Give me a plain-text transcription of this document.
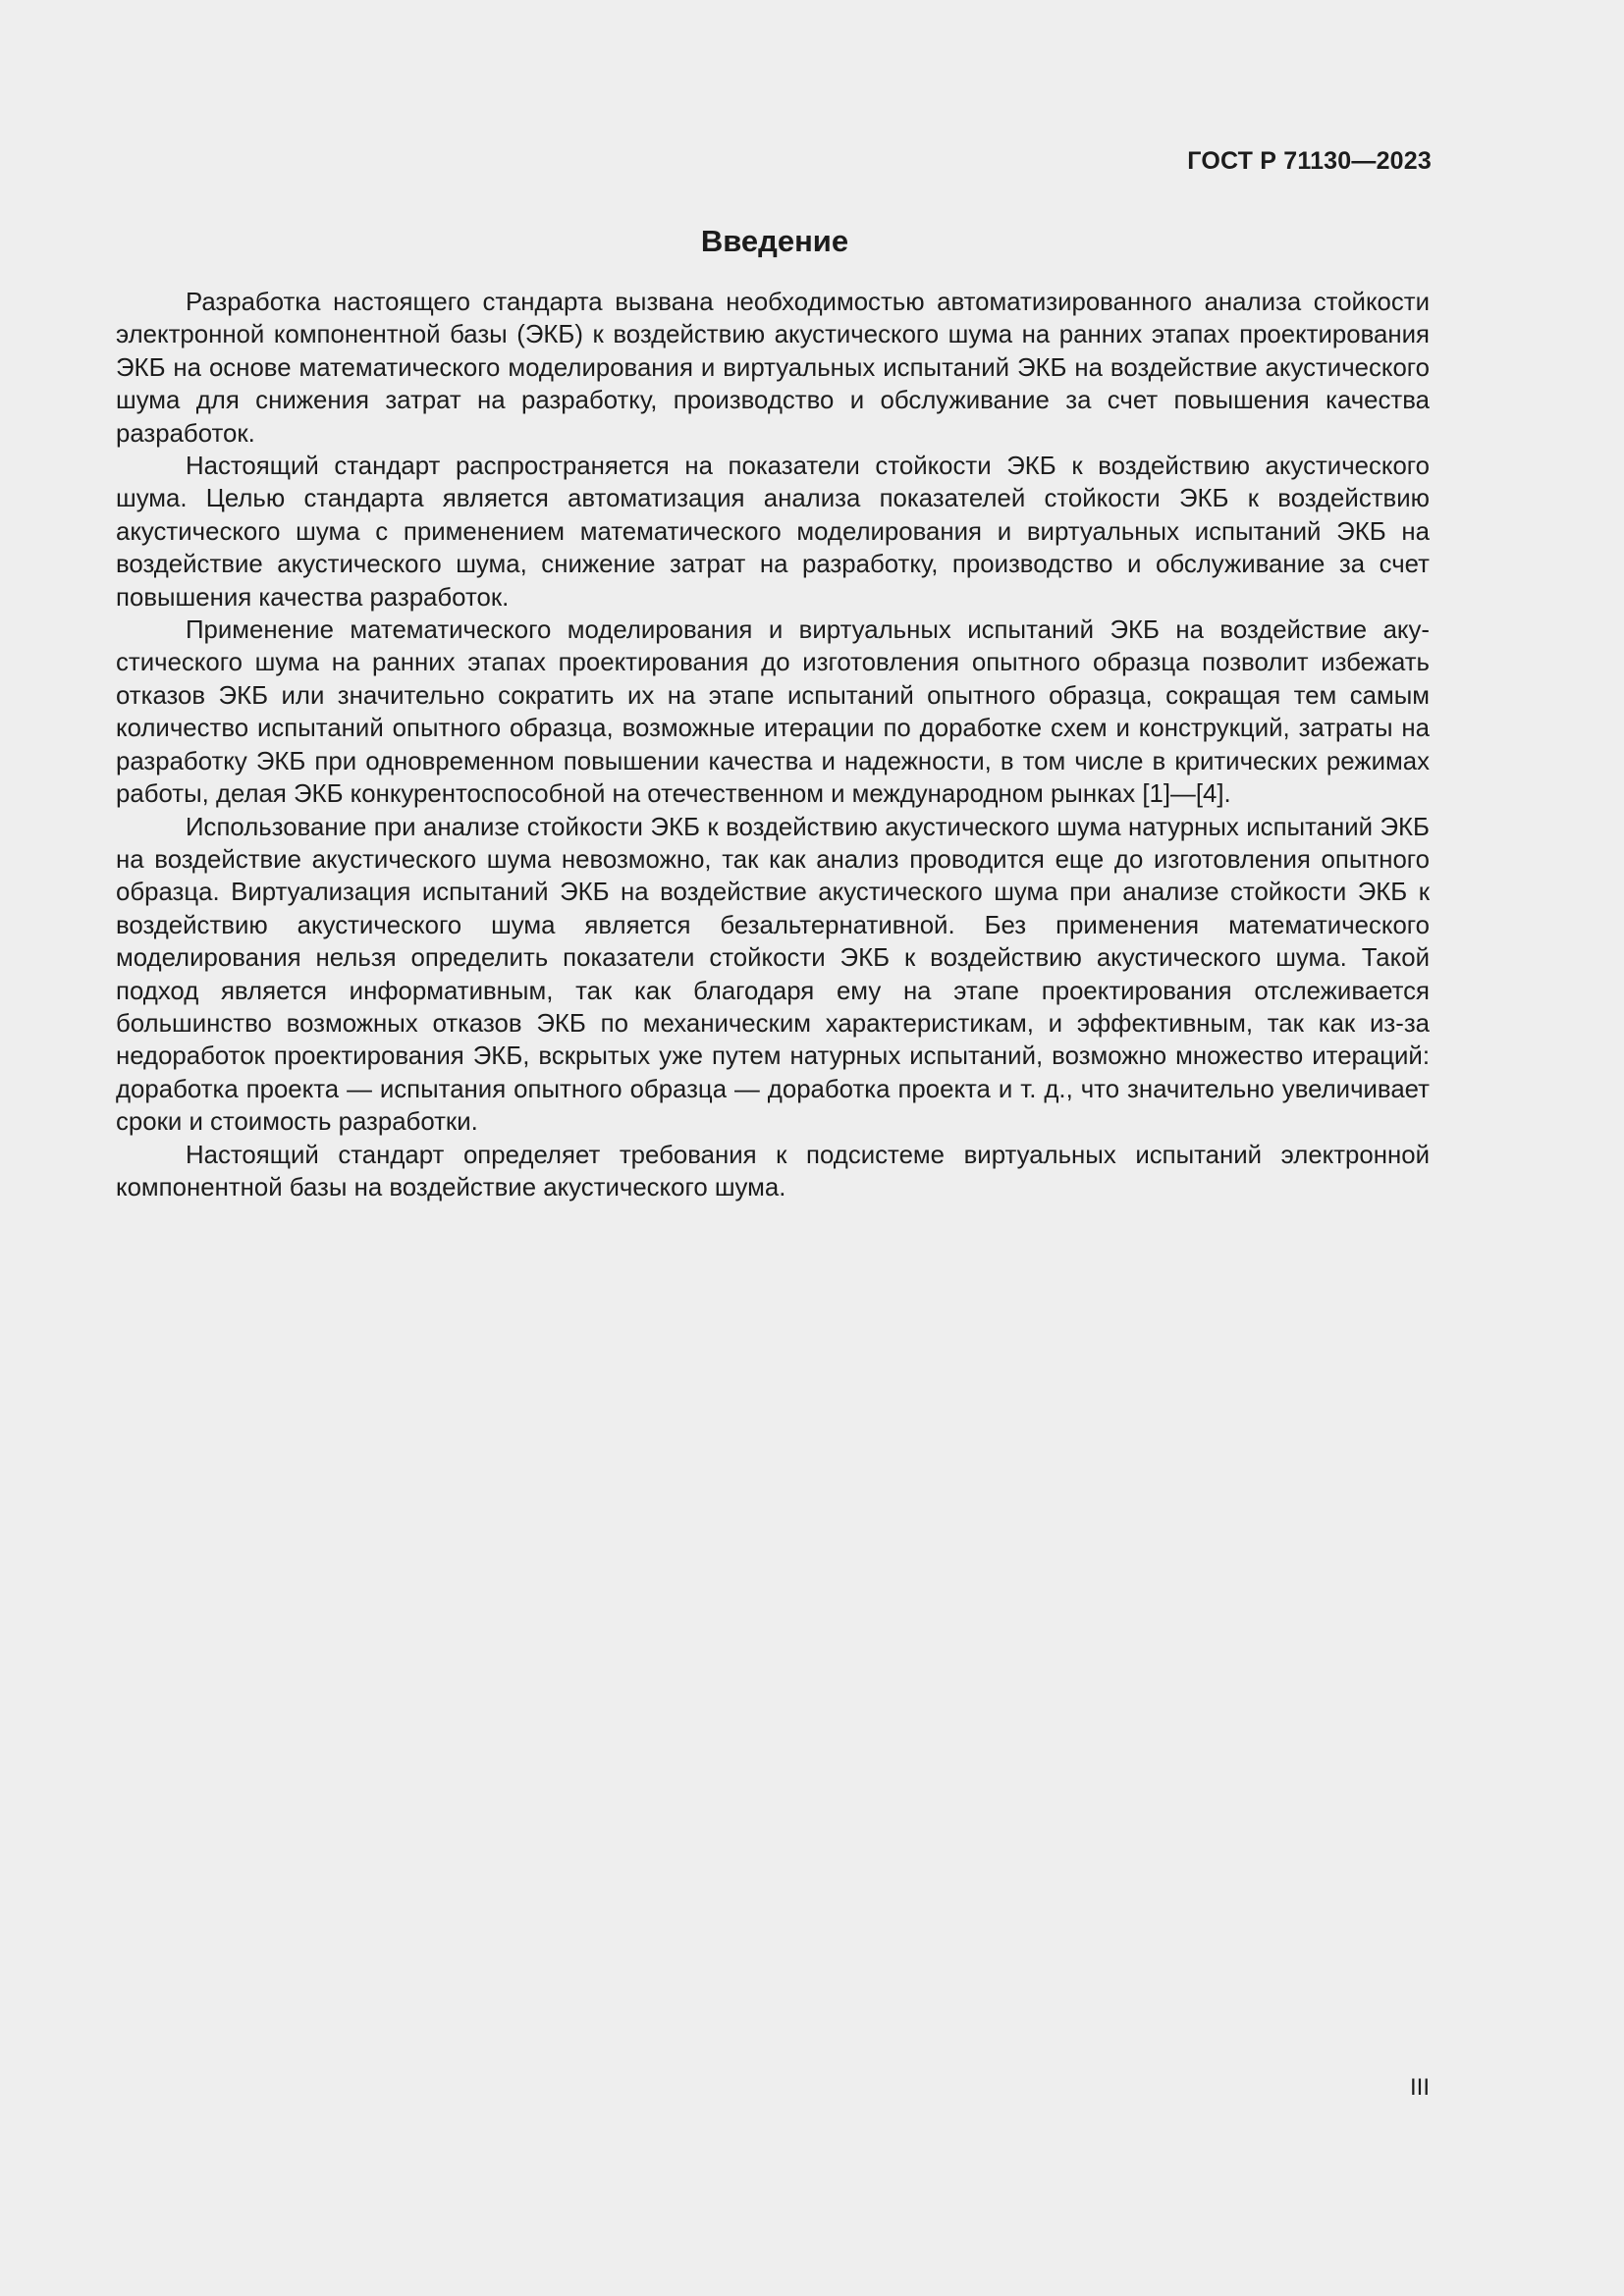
ГОСТ Р 71130—2023
Введение

Разработка настоящего стандарта вызвана необходимостью автоматизированного анализа стойкости электронной компонентной базы (ЭКБ) к воздействию акустического шума на ранних этапах проектирования ЭКБ на основе математического моделирования и виртуальных испытаний ЭКБ на воздействие акустического шума для снижения затрат на разработку, производство и обслуживание за счет повышения качества разработок.

Настоящий стандарт распространяется на показатели стойкости ЭКБ к воздействию акустического шума. Целью стандарта является автоматизация анализа показателей стойкости ЭКБ к воздействию акустического шума с применением математического моделирования и виртуальных испытаний ЭКБ на воздействие акустического шума, снижение затрат на разработку, производство и обслуживание за счет повышения качества разработок.

Применение математического моделирования и виртуальных испытаний ЭКБ на воздействие акустического шума на ранних этапах проектирования до изготовления опытного образца позволит избежать отказов ЭКБ или значительно сократить их на этапе испытаний опытного образца, сокращая тем самым количество испытаний опытного образца, возможные итерации по доработке схем и конструкций, затраты на разработку ЭКБ при одновременном повышении качества и надежности, в том числе в критических режимах работы, делая ЭКБ конкурентоспособной на отечественном и международном рынках [1]—[4].

Использование при анализе стойкости ЭКБ к воздействию акустического шума натурных испытаний ЭКБ на воздействие акустического шума невозможно, так как анализ проводится еще до изготовления опытного образца. Виртуализация испытаний ЭКБ на воздействие акустического шума при анализе стойкости ЭКБ к воздействию акустического шума является безальтернативной. Без применения математического моделирования нельзя определить показатели стойкости ЭКБ к воздействию акустического шума. Такой подход является информативным, так как благодаря ему на этапе проектирования отслеживается большинство возможных отказов ЭКБ по механическим характеристикам, и эффективным, так как из-за недоработок проектирования ЭКБ, вскрытых уже путем натурных испытаний, возможно множество итераций: доработка проекта — испытания опытного образца — доработка проекта и т. д., что значительно увеличивает сроки и стоимость разработки.

Настоящий стандарт определяет требования к подсистеме виртуальных испытаний электронной компонентной базы на воздействие акустического шума.

III
